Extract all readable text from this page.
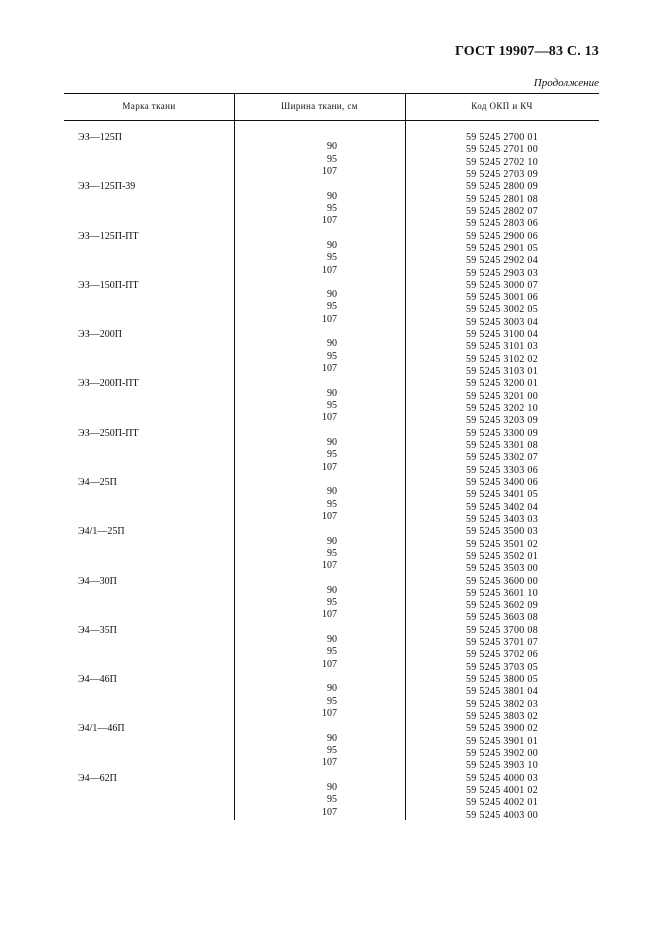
ГОСТ 19907—83 С. 13
Продолжение
Марка ткани	Ширина ткани, см	Код ОКП и КЧ
ЭЗ—125П
90
95
107
59 5245 2700 01
59 5245 2701 00
59 5245 2702 10
59 5245 2703 09
ЭЗ—125П-39
90
95
107
59 5245 2800 09
59 5245 2801 08
59 5245 2802 07
59 5245 2803 06
ЭЗ—125П-ПТ
90
95
107
59 5245 2900 06
59 5245 2901 05
59 5245 2902 04
59 5245 2903 03
ЭЗ—150П-ПТ
90
95
107
59 5245 3000 07
59 5245 3001 06
59 5245 3002 05
59 5245 3003 04
ЭЗ—200П
90
95
107
59 5245 3100 04
59 5245 3101 03
59 5245 3102 02
59 5245 3103 01
ЭЗ—200П-ПТ
90
95
107
59 5245 3200 01
59 5245 3201 00
59 5245 3202 10
59 5245 3203 09
ЭЗ—250П-ПТ
90
95
107
59 5245 3300 09
59 5245 3301 08
59 5245 3302 07
59 5245 3303 06
Э4—25П
90
95
107
59 5245 3400 06
59 5245 3401 05
59 5245 3402 04
59 5245 3403 03
Э4/1—25П
90
95
107
59 5245 3500 03
59 5245 3501 02
59 5245 3502 01
59 5245 3503 00
Э4—30П
90
95
107
59 5245 3600 00
59 5245 3601 10
59 5245 3602 09
59 5245 3603 08
Э4—35П
90
95
107
59 5245 3700 08
59 5245 3701 07
59 5245 3702 06
59 5245 3703 05
Э4—46П
90
95
107
59 5245 3800 05
59 5245 3801 04
59 5245 3802 03
59 5245 3803 02
Э4/1—46П
90
95
107
59 5245 3900 02
59 5245 3901 01
59 5245 3902 00
59 5245 3903 10
Э4—62П
90
95
107
59 5245 4000 03
59 5245 4001 02
59 5245 4002 01
59 5245 4003 00
